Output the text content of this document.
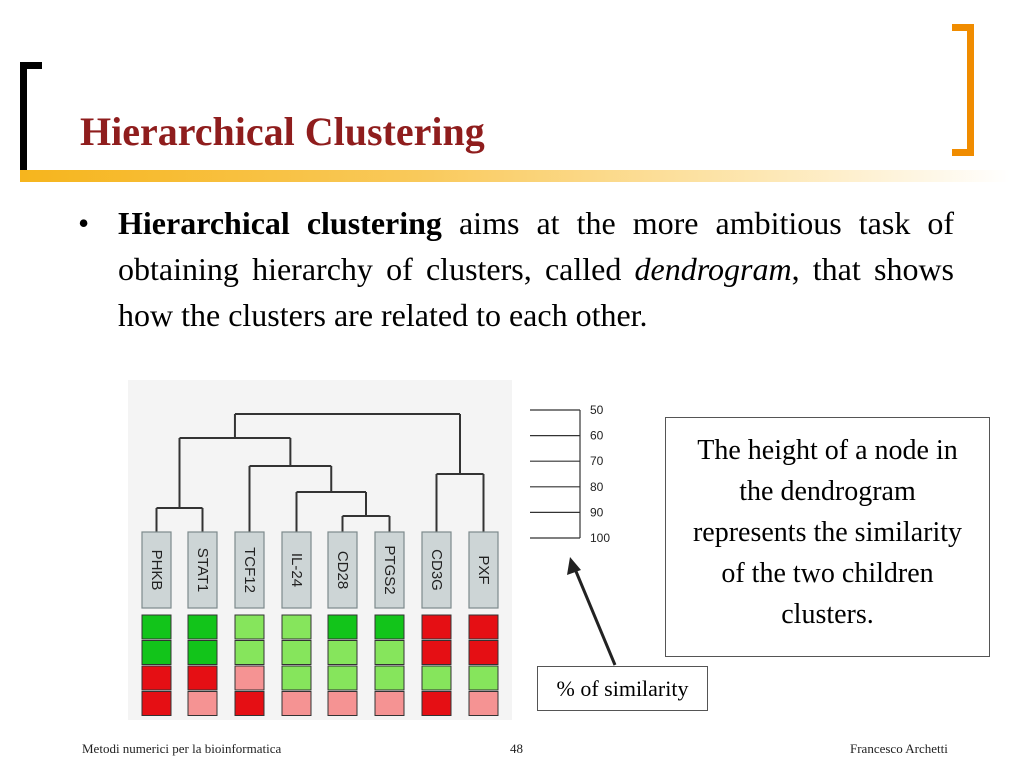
Hierarchical Clustering
• Hierarchical clustering aims at the more ambitious task of obtaining hierarchy of clusters, called dendrogram, that shows how the clusters are related to each other.

PHKB STAT1 TCF12 IL-24 CD28 PTGS2 CD3G PXF
50
60
70
80
90
100

The height of a node in the dendrogram represents the similarity of the two children clusters.

% of similarity
Metodi numerici per la bioinformatica	48	Francesco Archetti
